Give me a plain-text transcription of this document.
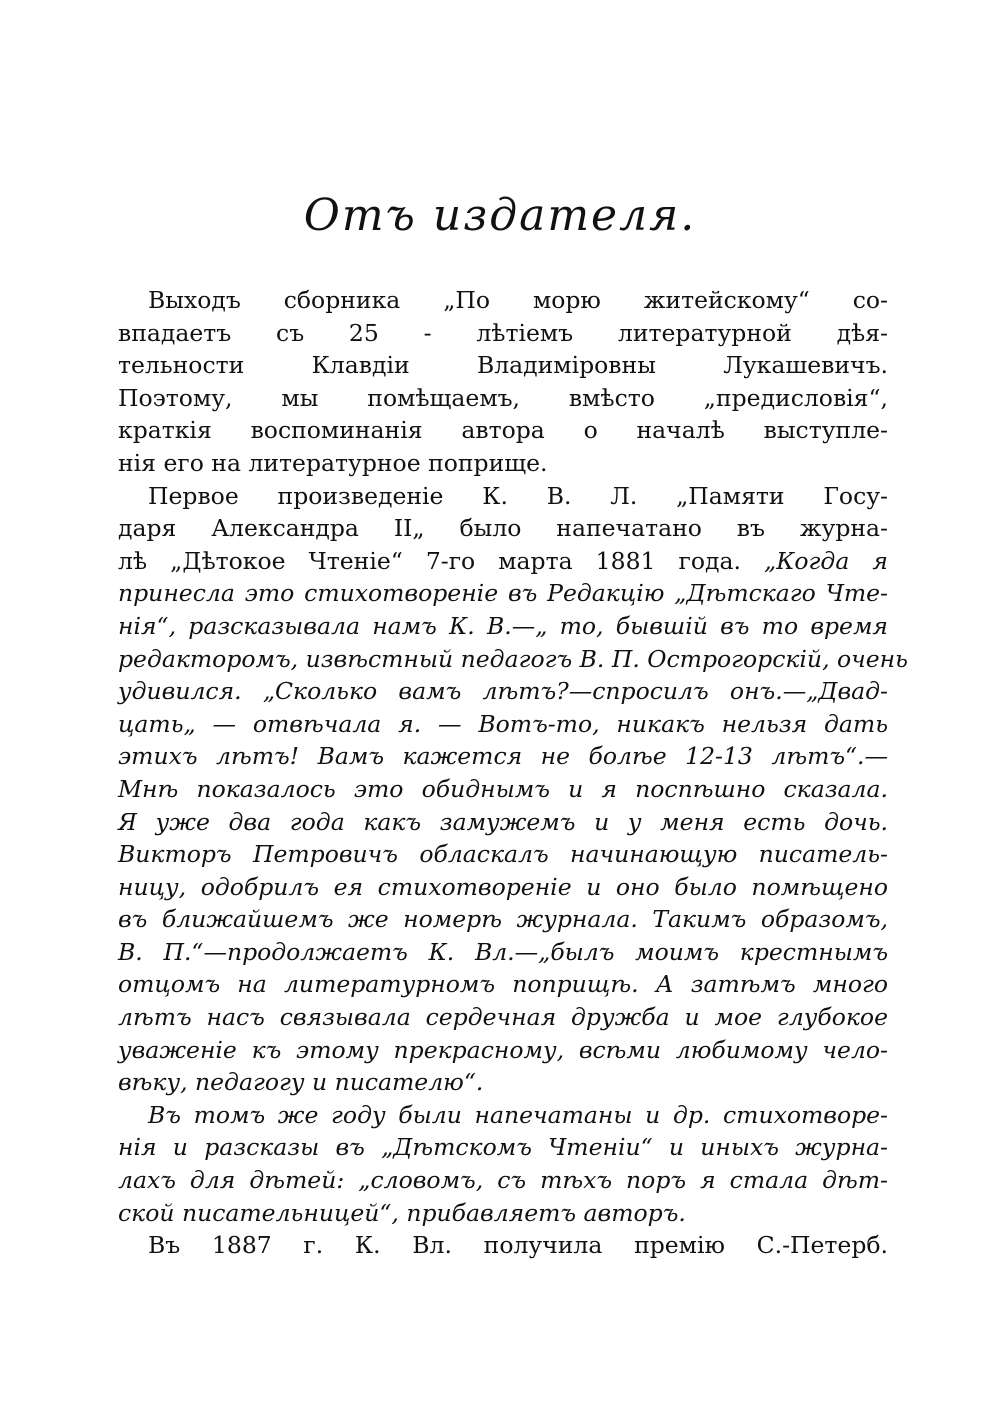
Отъ издателя.
Выходъ сборника „По морю житейскому“ со-
впадаетъ съ 25 - лѣтіемъ литературной дѣя-
тельности Клавдіи Владиміровны Лукашевичъ.
Поэтому, мы помѣщаемъ, вмѣсто „предисловія“,
краткія воспоминанія автора о началѣ выступле-
нія его на литературное поприще.
Первое произведеніе К. В. Л. „Памяти Госу-
даря Александра II„ было напечатано въ журна-
лѣ „Дѣтокое Чтеніе“ 7-го марта 1881 года. „Когда я
принесла это стихотвореніе въ Редакцію „Дѣтскаго Чте-
нія“, разсказывала намъ К. В.—„ то, бывшій въ то время
редакторомъ, извѣстный педагогъ В. П. Острогорскій, очень
удивился. „Сколько вамъ лѣтъ?—спросилъ онъ.—„Двад-
цать„ — отвѣчала я. — Вотъ-то, никакъ нельзя дать
этихъ лѣтъ! Вамъ кажется не болѣе 12-13 лѣтъ“.—
Мнѣ показалось это обиднымъ и я поспѣшно сказала.
Я уже два года какъ замужемъ и у меня есть дочь.
Викторъ Петровичъ обласкалъ начинающую писатель-
ницу, одобрилъ ея стихотвореніе и оно было помѣщено
въ ближайшемъ же номерѣ журнала. Такимъ образомъ,
В. П.“—продолжаетъ К. Вл.—„былъ моимъ крестнымъ
отцомъ на литературномъ поприщѣ. А затѣмъ много
лѣтъ насъ связывала сердечная дружба и мое глубокое
уваженіе къ этому прекрасному, всѣми любимому чело-
вѣку, педагогу и писателю“.
Въ томъ же году были напечатаны и др. стихотворе-
нія и разсказы въ „Дѣтскомъ Чтеніи“ и иныхъ журна-
лахъ для дѣтей: „словомъ, съ тѣхъ поръ я стала дѣт-
ской писательницей“, прибавляетъ авторъ.
Въ 1887 г. К. Вл. получила премію С.-Петерб.
